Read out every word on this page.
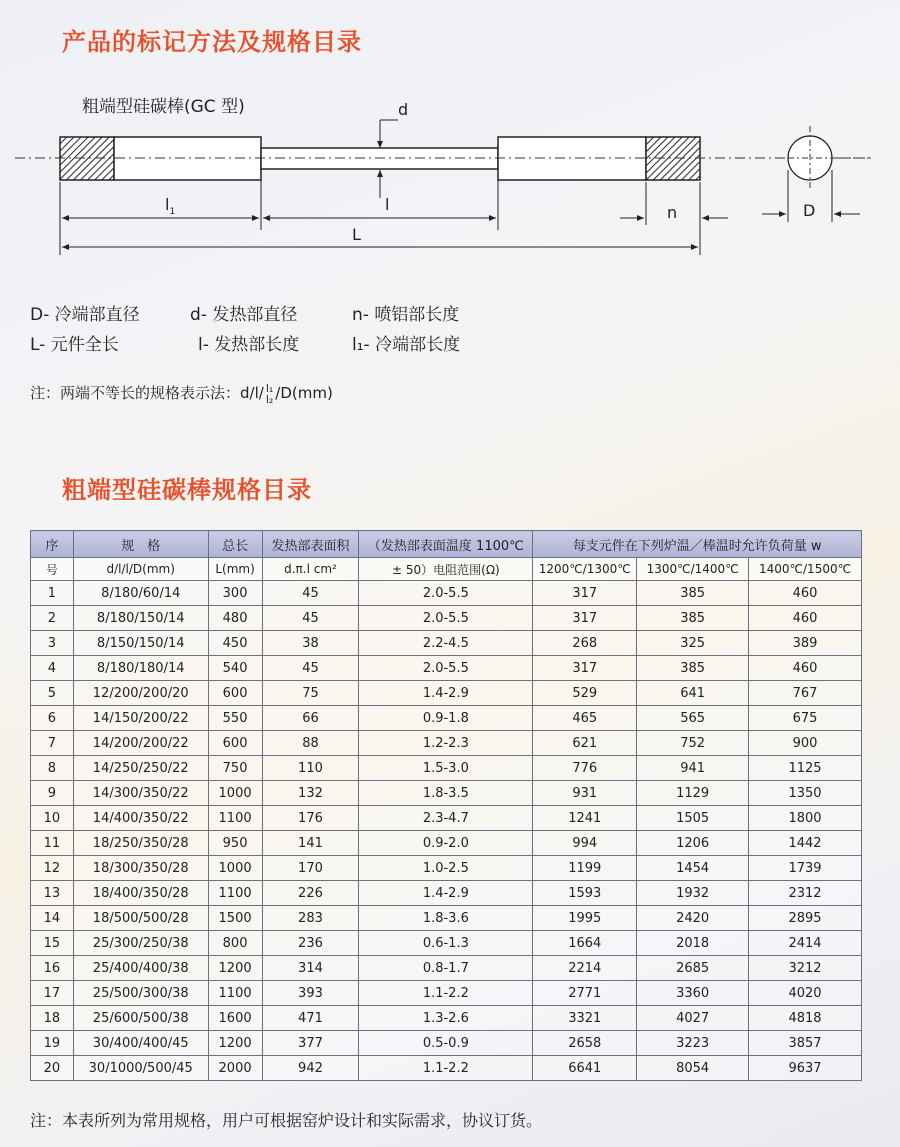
产品的标记方法及规格目录
粗端型硅碳棒(GC 型)	d
$l_1$	l
L
n	D
D- 冷端部直径	d- 发热部直径	n- 喷铝部长度
L- 元件全长	l- 发热部长度	l₁- 冷端部长度
注：两端不等长的规格表示法：d/l/ l₁
l₂ /D(mm)
粗端型硅碳棒规格目录
序	规　格	总长	发热部表面积	（发热部表面温度 1100℃	每支元件在下列炉温／棒温时允许负荷量 w		
号	d/l/l/D(mm)	L(mm)	d.π.l cm²	± 50）电阻范围(Ω)	1200℃/1300℃	1300℃/1400℃	1400℃/1500℃
1	8/180/60/14	300	45	2.0-5.5	317	385	460
2	8/180/150/14	480	45	2.0-5.5	317	385	460
3	8/150/150/14	450	38	2.2-4.5	268	325	389
4	8/180/180/14	540	45	2.0-5.5	317	385	460
5	12/200/200/20	600	75	1.4-2.9	529	641	767
6	14/150/200/22	550	66	0.9-1.8	465	565	675
7	14/200/200/22	600	88	1.2-2.3	621	752	900
8	14/250/250/22	750	110	1.5-3.0	776	941	1125
9	14/300/350/22	1000	132	1.8-3.5	931	1129	1350
10	14/400/350/22	1100	176	2.3-4.7	1241	1505	1800
11	18/250/350/28	950	141	0.9-2.0	994	1206	1442
12	18/300/350/28	1000	170	1.0-2.5	1199	1454	1739
13	18/400/350/28	1100	226	1.4-2.9	1593	1932	2312
14	18/500/500/28	1500	283	1.8-3.6	1995	2420	2895
15	25/300/250/38	800	236	0.6-1.3	1664	2018	2414
16	25/400/400/38	1200	314	0.8-1.7	2214	2685	3212
17	25/500/300/38	1100	393	1.1-2.2	2771	3360	4020
18	25/600/500/38	1600	471	1.3-2.6	3321	4027	4818
19	30/400/400/45	1200	377	0.5-0.9	2658	3223	3857
20	30/1000/500/45	2000	942	1.1-2.2	6641	8054	9637
注：本表所列为常用规格，用户可根据窑炉设计和实际需求，协议订货。
